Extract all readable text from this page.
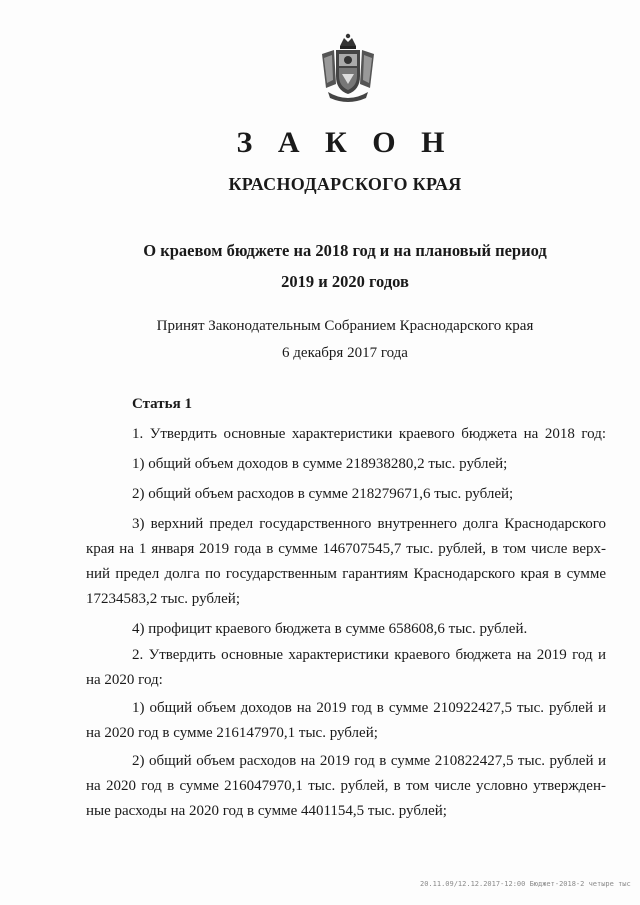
·
З А К О Н
КРАСНОДАРСКОГО КРАЯ
О краевом бюджете на 2018 год и на плановый период
2019 и 2020 годов
Принят Законодательным Собранием Краснодарского края
6 декабря 2017 года
Статья 1
1. Утвердить основные характеристики краевого бюджета на 2018 год:
1) общий объем доходов в сумме 218938280,2 тыс. рублей;
2) общий объем расходов в сумме 218279671,6 тыс. рублей;
3) верхний предел государственного внутреннего долга Краснодарского
края на 1 января 2019 года в сумме 146707545,7 тыс. рублей, в том числе верх-
ний предел долга по государственным гарантиям Краснодарского края в сумме
17234583,2 тыс. рублей;
4) профицит краевого бюджета в сумме 658608,6 тыс. рублей.
2. Утвердить основные характеристики краевого бюджета на 2019 год и
на 2020 год:
1) общий объем доходов на 2019 год в сумме 210922427,5 тыс. рублей и
на 2020 год в сумме 216147970,1 тыс. рублей;
2) общий объем расходов на 2019 год в сумме 210822427,5 тыс. рублей и
на 2020 год в сумме 216047970,1 тыс. рублей, в том числе условно утвержден-
ные расходы на 2020 год в сумме 4401154,5 тыс. рублей;
20.11.09/12.12.2017-12:00 Бюджет-2018-2 четыре тыс
